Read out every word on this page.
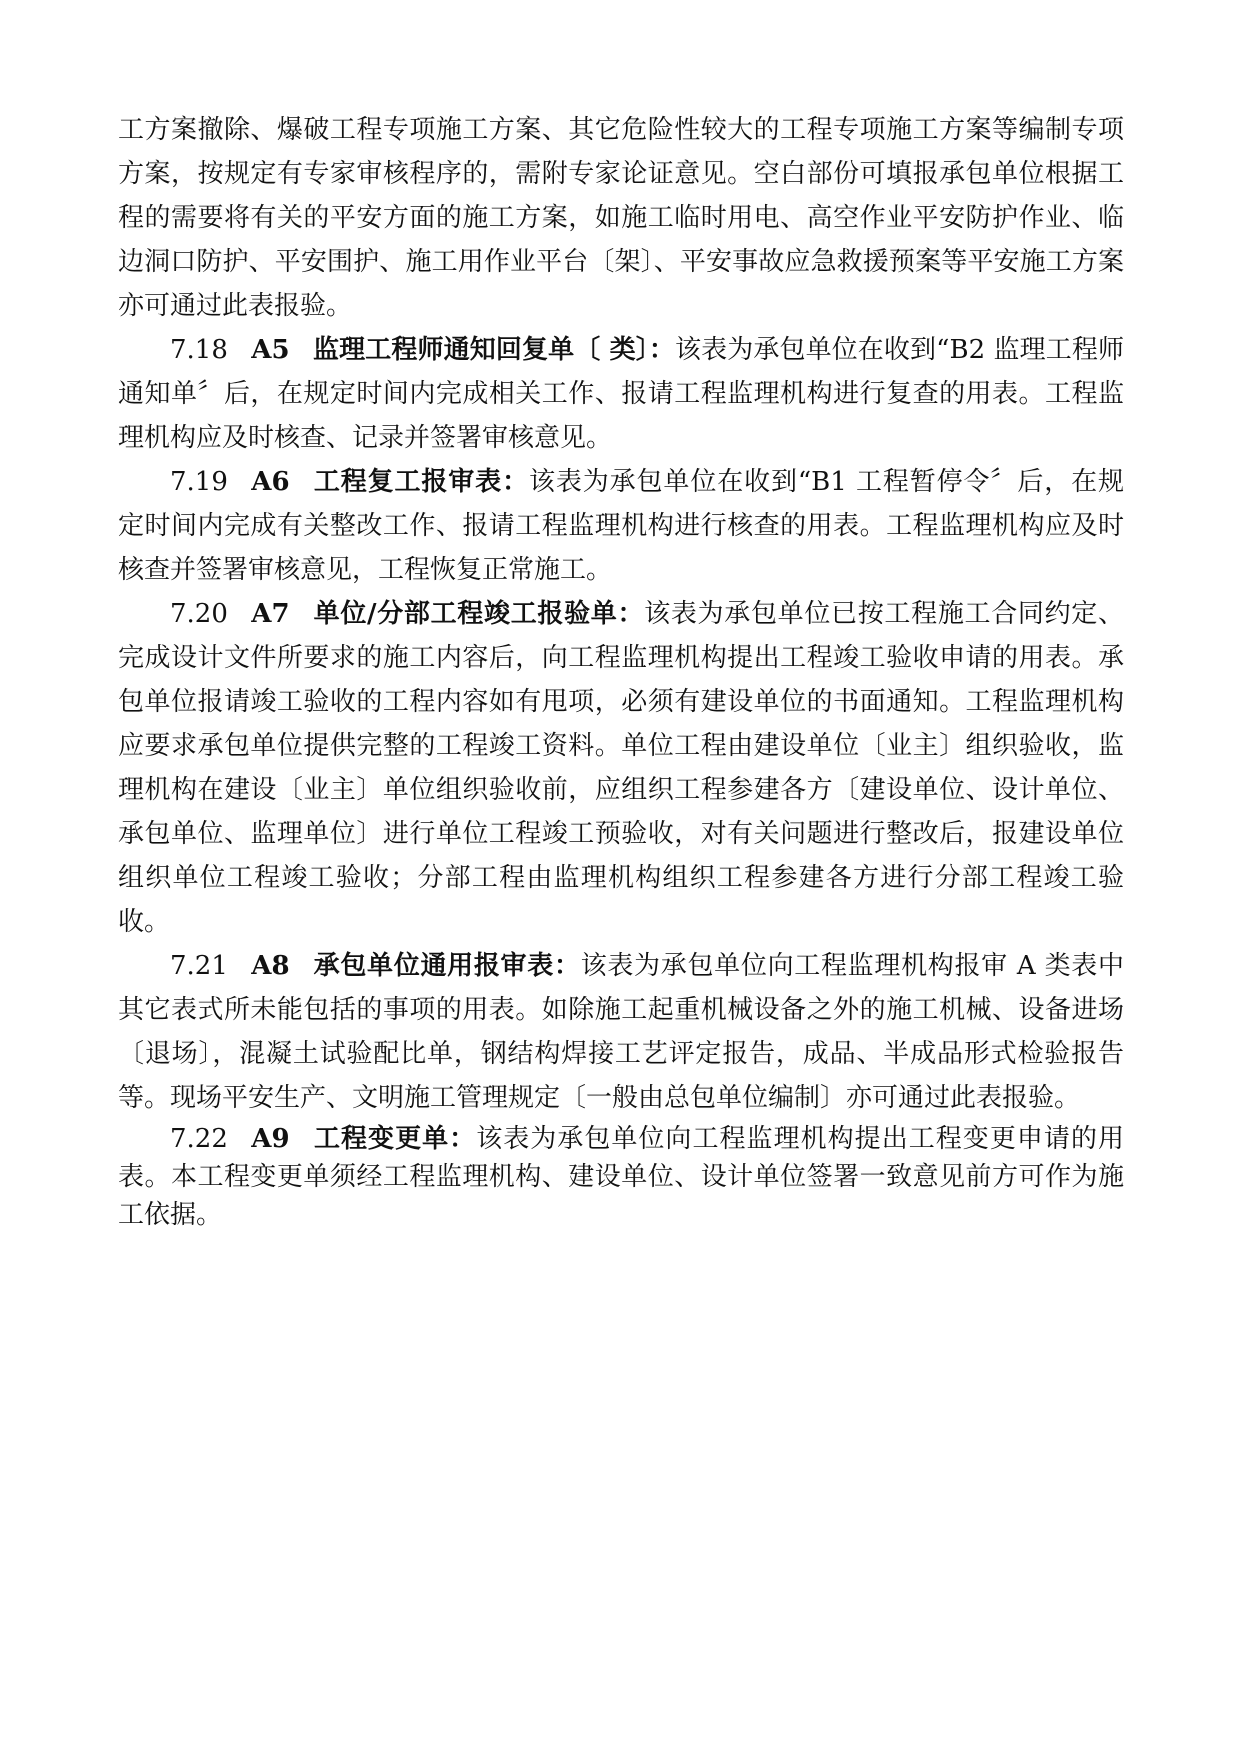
工方案撤除、爆破工程专项施工方案、其它危险性较大的工程专项施工方案等编制专项方案，按规定有专家审核程序的，需附专家论证意见。空白部份可填报承包单位根据工程的需要将有关的平安方面的施工方案，如施工临时用电、高空作业平安防护作业、临边洞口防护、平安围护、施工用作业平台〔架〕、平安事故应急救援预案等平安施工方案亦可通过此表报验。

7.18 A5 监理工程师通知回复单〔 类〕：该表为承包单位在收到“B2 监理工程师通知单〞后，在规定时间内完成相关工作、报请工程监理机构进行复查的用表。工程监理机构应及时核查、记录并签署审核意见。

7.19 A6 工程复工报审表：该表为承包单位在收到“B1 工程暂停令〞后，在规定时间内完成有关整改工作、报请工程监理机构进行核查的用表。工程监理机构应及时核查并签署审核意见，工程恢复正常施工。

7.20 A7 单位/分部工程竣工报验单：该表为承包单位已按工程施工合同约定、完成设计文件所要求的施工内容后，向工程监理机构提出工程竣工验收申请的用表。承包单位报请竣工验收的工程内容如有甩项，必须有建设单位的书面通知。工程监理机构应要求承包单位提供完整的工程竣工资料。单位工程由建设单位〔业主〕组织验收，监理机构在建设〔业主〕单位组织验收前，应组织工程参建各方〔建设单位、设计单位、承包单位、监理单位〕进行单位工程竣工预验收，对有关问题进行整改后，报建设单位组织单位工程竣工验收；分部工程由监理机构组织工程参建各方进行分部工程竣工验收。

7.21 A8 承包单位通用报审表：该表为承包单位向工程监理机构报审 A 类表中其它表式所未能包括的事项的用表。如除施工起重机械设备之外的施工机械、设备进场〔退场〕，混凝土试验配比单，钢结构焊接工艺评定报告，成品、半成品形式检验报告等。现场平安生产、文明施工管理规定〔一般由总包单位编制〕亦可通过此表报验。

7.22 A9 工程变更单：该表为承包单位向工程监理机构提出工程变更申请的用表。本工程变更单须经工程监理机构、建设单位、设计单位签署一致意见前方可作为施工依据。
